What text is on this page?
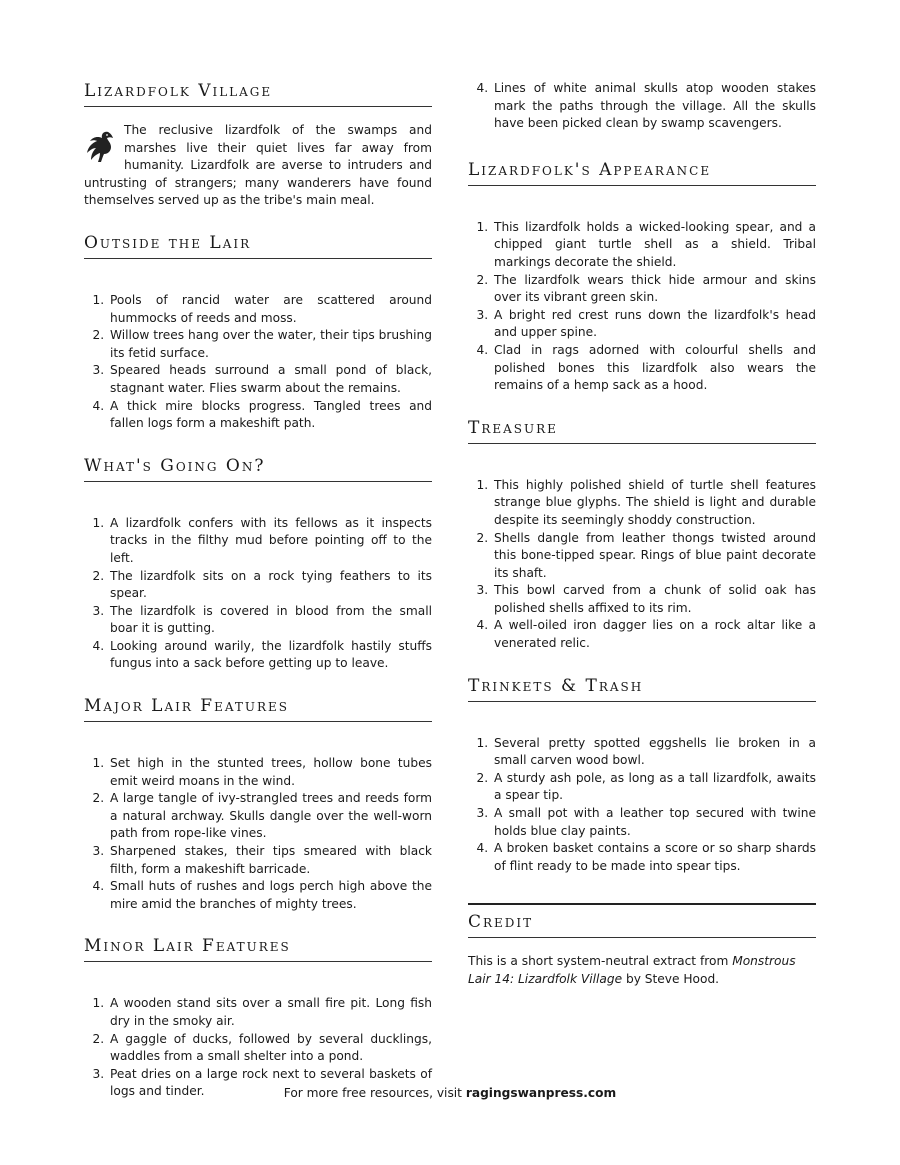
Lizardfolk Village

The reclusive lizardfolk of the swamps and marshes live their quiet lives far away from humanity. Lizardfolk are averse to intruders and untrusting of strangers; many wanderers have found themselves served up as the tribe's main meal.

Outside the Lair
1. Pools of rancid water are scattered around hummocks of reeds and moss.
2. Willow trees hang over the water, their tips brushing its fetid surface.
3. Speared heads surround a small pond of black, stagnant water. Flies swarm about the remains.
4. A thick mire blocks progress. Tangled trees and fallen logs form a makeshift path.
What's Going On?
1. A lizardfolk confers with its fellows as it inspects tracks in the filthy mud before pointing off to the left.
2. The lizardfolk sits on a rock tying feathers to its spear.
3. The lizardfolk is covered in blood from the small boar it is gutting.
4. Looking around warily, the lizardfolk hastily stuffs fungus into a sack before getting up to leave.
Major Lair Features
1. Set high in the stunted trees, hollow bone tubes emit weird moans in the wind.
2. A large tangle of ivy-strangled trees and reeds form a natural archway. Skulls dangle over the well-worn path from rope-like vines.
3. Sharpened stakes, their tips smeared with black filth, form a makeshift barricade.
4. Small huts of rushes and logs perch high above the mire amid the branches of mighty trees.
Minor Lair Features
1. A wooden stand sits over a small fire pit. Long fish dry in the smoky air.
2. A gaggle of ducks, followed by several ducklings, waddles from a small shelter into a pond.
3. Peat dries on a large rock next to several baskets of logs and tinder.
4. Lines of white animal skulls atop wooden stakes mark the paths through the village. All the skulls have been picked clean by swamp scavengers.
Lizardfolk's Appearance
1. This lizardfolk holds a wicked-looking spear, and a chipped giant turtle shell as a shield. Tribal markings decorate the shield.
2. The lizardfolk wears thick hide armour and skins over its vibrant green skin.
3. A bright red crest runs down the lizardfolk's head and upper spine.
4. Clad in rags adorned with colourful shells and polished bones this lizardfolk also wears the remains of a hemp sack as a hood.
Treasure
1. This highly polished shield of turtle shell features strange blue glyphs. The shield is light and durable despite its seemingly shoddy construction.
2. Shells dangle from leather thongs twisted around this bone-tipped spear. Rings of blue paint decorate its shaft.
3. This bowl carved from a chunk of solid oak has polished shells affixed to its rim.
4. A well-oiled iron dagger lies on a rock altar like a venerated relic.
Trinkets & Trash
1. Several pretty spotted eggshells lie broken in a small carven wood bowl.
2. A sturdy ash pole, as long as a tall lizardfolk, awaits a spear tip.
3. A small pot with a leather top secured with twine holds blue clay paints.
4. A broken basket contains a score or so sharp shards of flint ready to be made into spear tips.
Credit

This is a short system-neutral extract from Monstrous Lair 14: Lizardfolk Village by Steve Hood.

For more free resources, visit ragingswanpress.com
